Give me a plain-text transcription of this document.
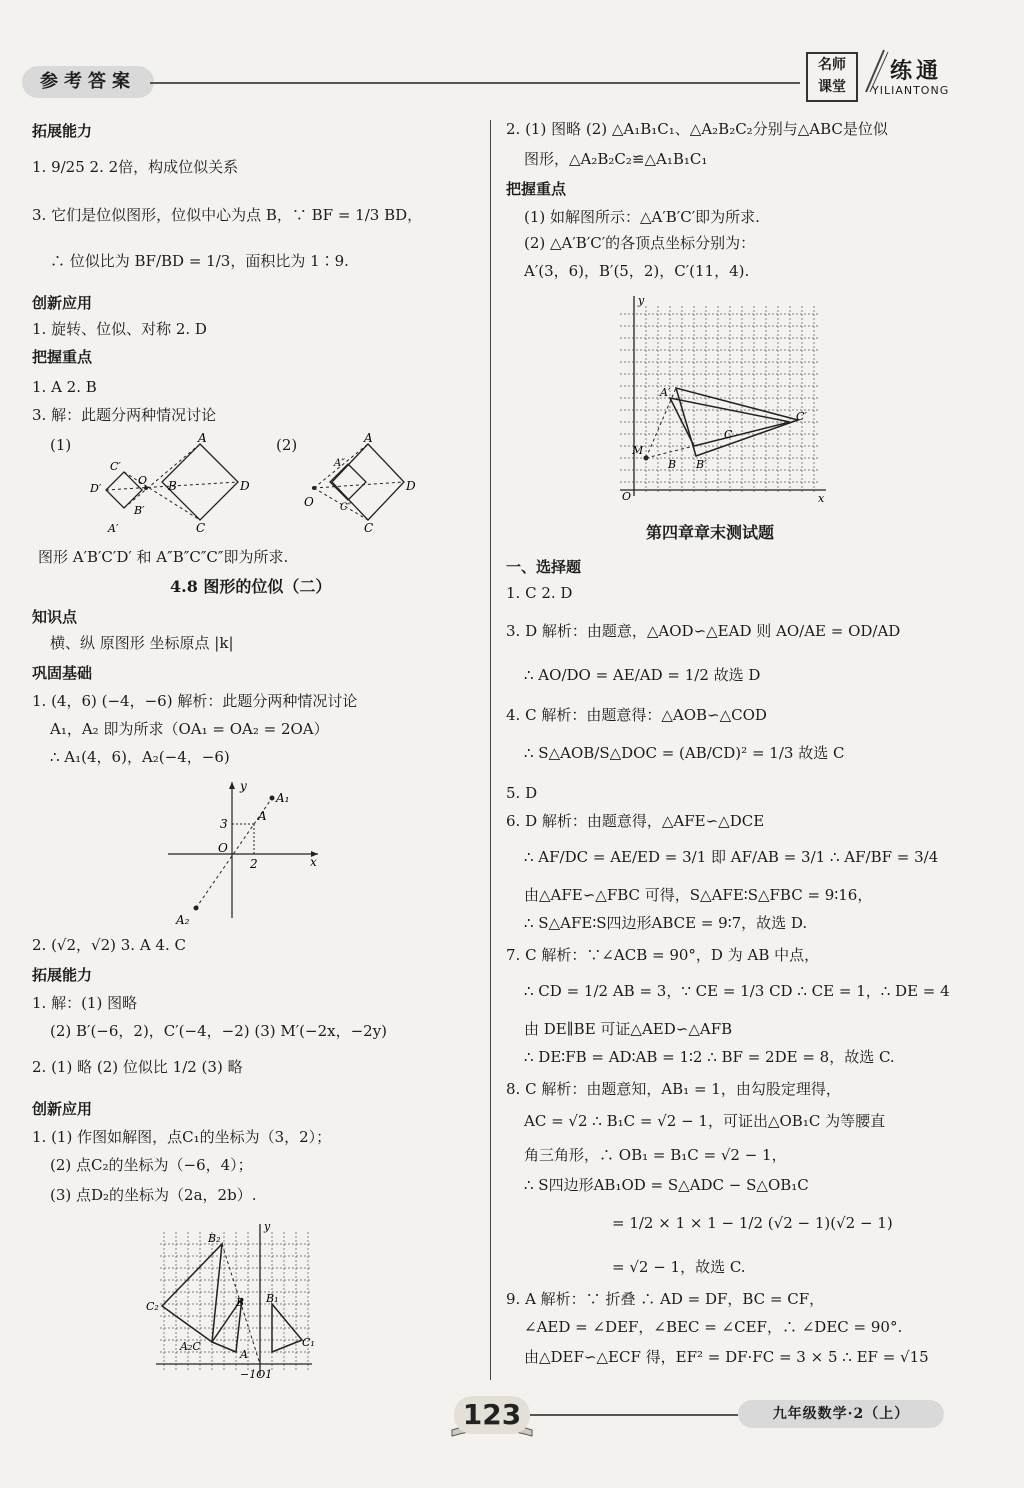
参考答案
名师
课堂
练通
YILIANTONG
拓展能力
1. 9/25 2. 2倍，构成位似关系
3. 它们是位似图形，位似中心为点 B，∵ BF = 1/3 BD，
∴ 位似比为 BF/BD = 1/3，面积比为 1∶9.
创新应用
1. 旋转、位似、对称 2. D
把握重点
1. A 2. B
3. 解：此题分两种情况讨论
(1)	(2)
A
B	D
C
C′
D′
B′
A′
O
A
D
C
A″
C″
O
图形 A′B′C′D′ 和 A″B″C″C″即为所求.
4.8 图形的位似（二）
知识点
横、纵 原图形 坐标原点 |k|
巩固基础
1. (4，6) (−4，−6) 解析：此题分两种情况讨论
A₁，A₂ 即为所求（OA₁ = OA₂ = 2OA）
∴ A₁(4，6)，A₂(−4，−6)
y
x
A₁
A
A₂
O
3
2
2. (√2，√2) 3. A 4. C
拓展能力
1. 解：(1) 图略
(2) B′(−6，2)，C′(−4，−2) (3) M′(−2x，−2y)
2. (1) 略 (2) 位似比 1/2 (3) 略
创新应用
1. (1) 作图如解图，点C₁的坐标为（3，2）；
(2) 点C₂的坐标为（−6，4）；
(3) 点D₂的坐标为（2a，2b）.
y
B₂
C₂	B B₁
A₂C
A
C₁
−1O1
2. (1) 图略 (2) △A₁B₁C₁、△A₂B₂C₂分别与△ABC是位似
图形，△A₂B₂C₂≌△A₁B₁C₁
把握重点
(1) 如解图所示：△A′B′C′即为所求.
(2) △A′B′C′的各顶点坐标分别为：
A′(3，6)，B′(5，2)，C′(11，4).
y
x
O
A′
C′
B′
B
M
C
第四章章末测试题
一、选择题
1. C 2. D
3. D 解析：由题意，△AOD∽△EAD 则 AO/AE = OD/AD
∴ AO/DO = AE/AD = 1/2 故选 D
4. C 解析：由题意得：△AOB∽△COD
∴ S△AOB/S△DOC = (AB/CD)² = 1/3 故选 C
5. D
6. D 解析：由题意得，△AFE∽△DCE
∴ AF/DC = AE/ED = 3/1 即 AF/AB = 3/1 ∴ AF/BF = 3/4
由△AFE∽△FBC 可得，S△AFE∶S△FBC = 9∶16，
∴ S△AFE∶S四边形ABCE = 9∶7，故选 D.
7. C 解析：∵∠ACB = 90°，D 为 AB 中点，
∴ CD = 1/2 AB = 3，∵ CE = 1/3 CD ∴ CE = 1，∴ DE = 4
由 DE∥BE 可证△AED∽△AFB
∴ DE∶FB = AD∶AB = 1∶2 ∴ BF = 2DE = 8，故选 C.
8. C 解析：由题意知，AB₁ = 1，由勾股定理得，
AC = √2 ∴ B₁C = √2 − 1，可证出△OB₁C 为等腰直
角三角形，∴ OB₁ = B₁C = √2 − 1，
∴ S四边形AB₁OD = S△ADC − S△OB₁C
= 1/2 × 1 × 1 − 1/2 (√2 − 1)(√2 − 1)
= √2 − 1，故选 C.
9. A 解析：∵ 折叠 ∴ AD = DF，BC = CF，
∠AED = ∠DEF，∠BEC = ∠CEF，∴ ∠DEC = 90°.
由△DEF∽△ECF 得，EF² = DF·FC = 3 × 5 ∴ EF = √15
123	九年级数学·2（上）
